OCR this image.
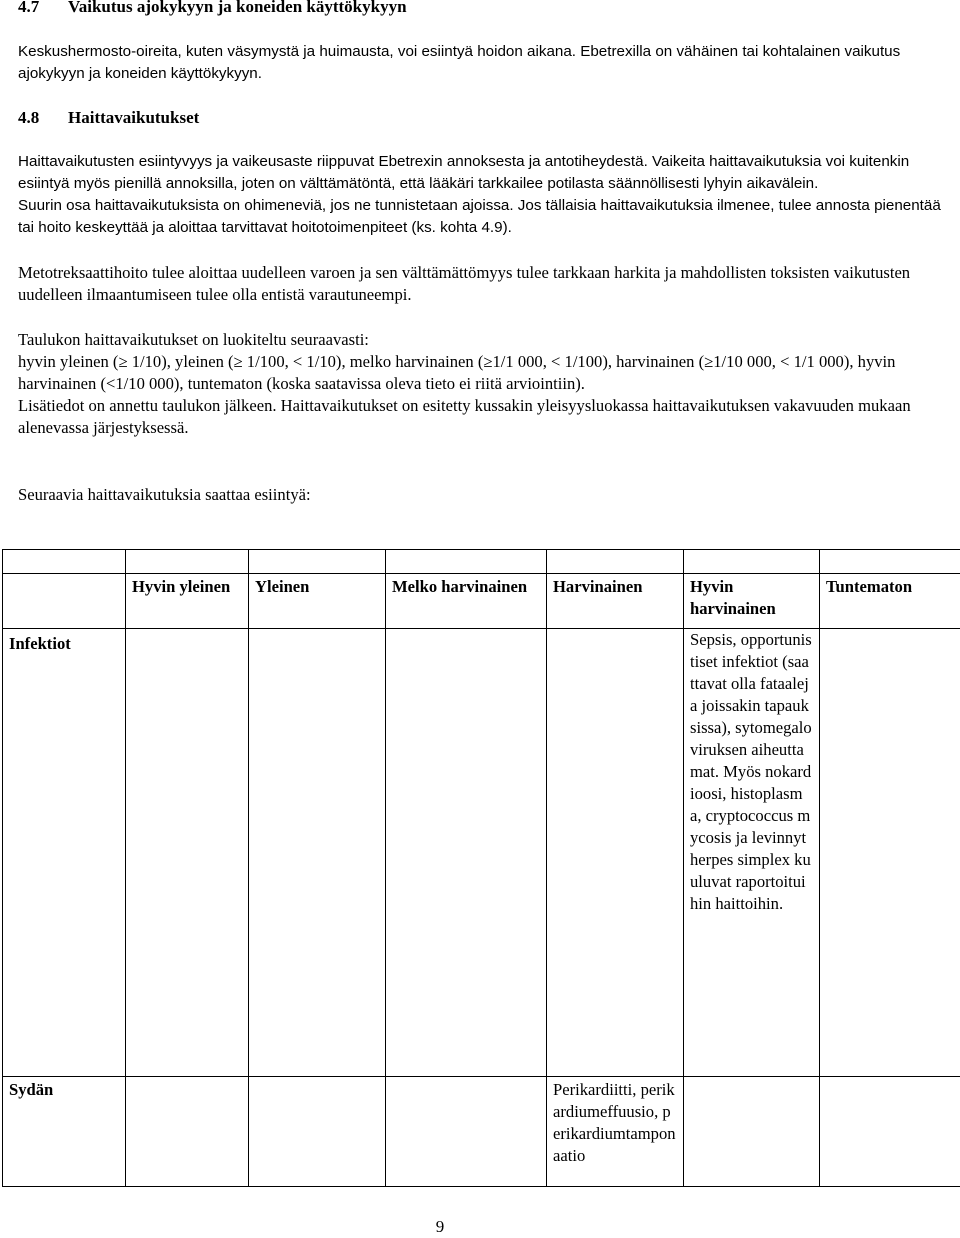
4.7 Vaikutus ajokykyyn ja koneiden käyttökykyyn

Keskushermosto-oireita, kuten väsymystä ja huimausta, voi esiintyä hoidon aikana. Ebetrexilla on vähäinen tai kohtalainen vaikutus ajokykyyn ja koneiden käyttökykyyn.

4.8 Haittavaikutukset

Haittavaikutusten esiintyvyys ja vaikeusaste riippuvat Ebetrexin annoksesta ja antotiheydestä. Vaikeita haittavaikutuksia voi kuitenkin esiintyä myös pienillä annoksilla, joten on välttämätöntä, että lääkäri tarkkailee potilasta säännöllisesti lyhyin aikavälein.

Suurin osa haittavaikutuksista on ohimeneviä, jos ne tunnistetaan ajoissa. Jos tällaisia haittavaikutuksia ilmenee, tulee annosta pienentää tai hoito keskeyttää ja aloittaa tarvittavat hoitotoimenpiteet (ks. kohta 4.9).

Metotreksaattihoito tulee aloittaa uudelleen varoen ja sen välttämättömyys tulee tarkkaan harkita ja mahdollisten toksisten vaikutusten uudelleen ilmaantumiseen tulee olla entistä varautuneempi.

Taulukon haittavaikutukset on luokiteltu seuraavasti:

hyvin yleinen (≥ 1/10), yleinen (≥ 1/100, < 1/10), melko harvinainen (≥1/1 000, < 1/100), harvinainen (≥1/10 000, < 1/1 000), hyvin harvinainen (<1/10 000), tuntematon (koska saatavissa oleva tieto ei riitä arviointiin).

Lisätiedot on annettu taulukon jälkeen. Haittavaikutukset on esitetty kussakin yleisyysluokassa haittavaikutuksen vakavuuden mukaan alenevassa järjestyksessä.

Seuraavia haittavaikutuksia saattaa esiintyä:

	Hyvin yleinen	Yleinen	Melko harvinainen	Harvinainen	Hyvin harvinainen	Tuntematon
Infektiot					Sepsis, opportunistiset infektiot (saattavat olla fataaleja joissakin tapauksissa), sytomegaloviruksen aiheuttamat. Myös nokardioosi, histoplasma, cryptococcus mycosis ja levinnyt herpes simplex kuuluvat raportoituihin haittoihin.	
Sydän				Perikardiitti, perikardiumeffuusio, perikardiumtamponaatio		
9
